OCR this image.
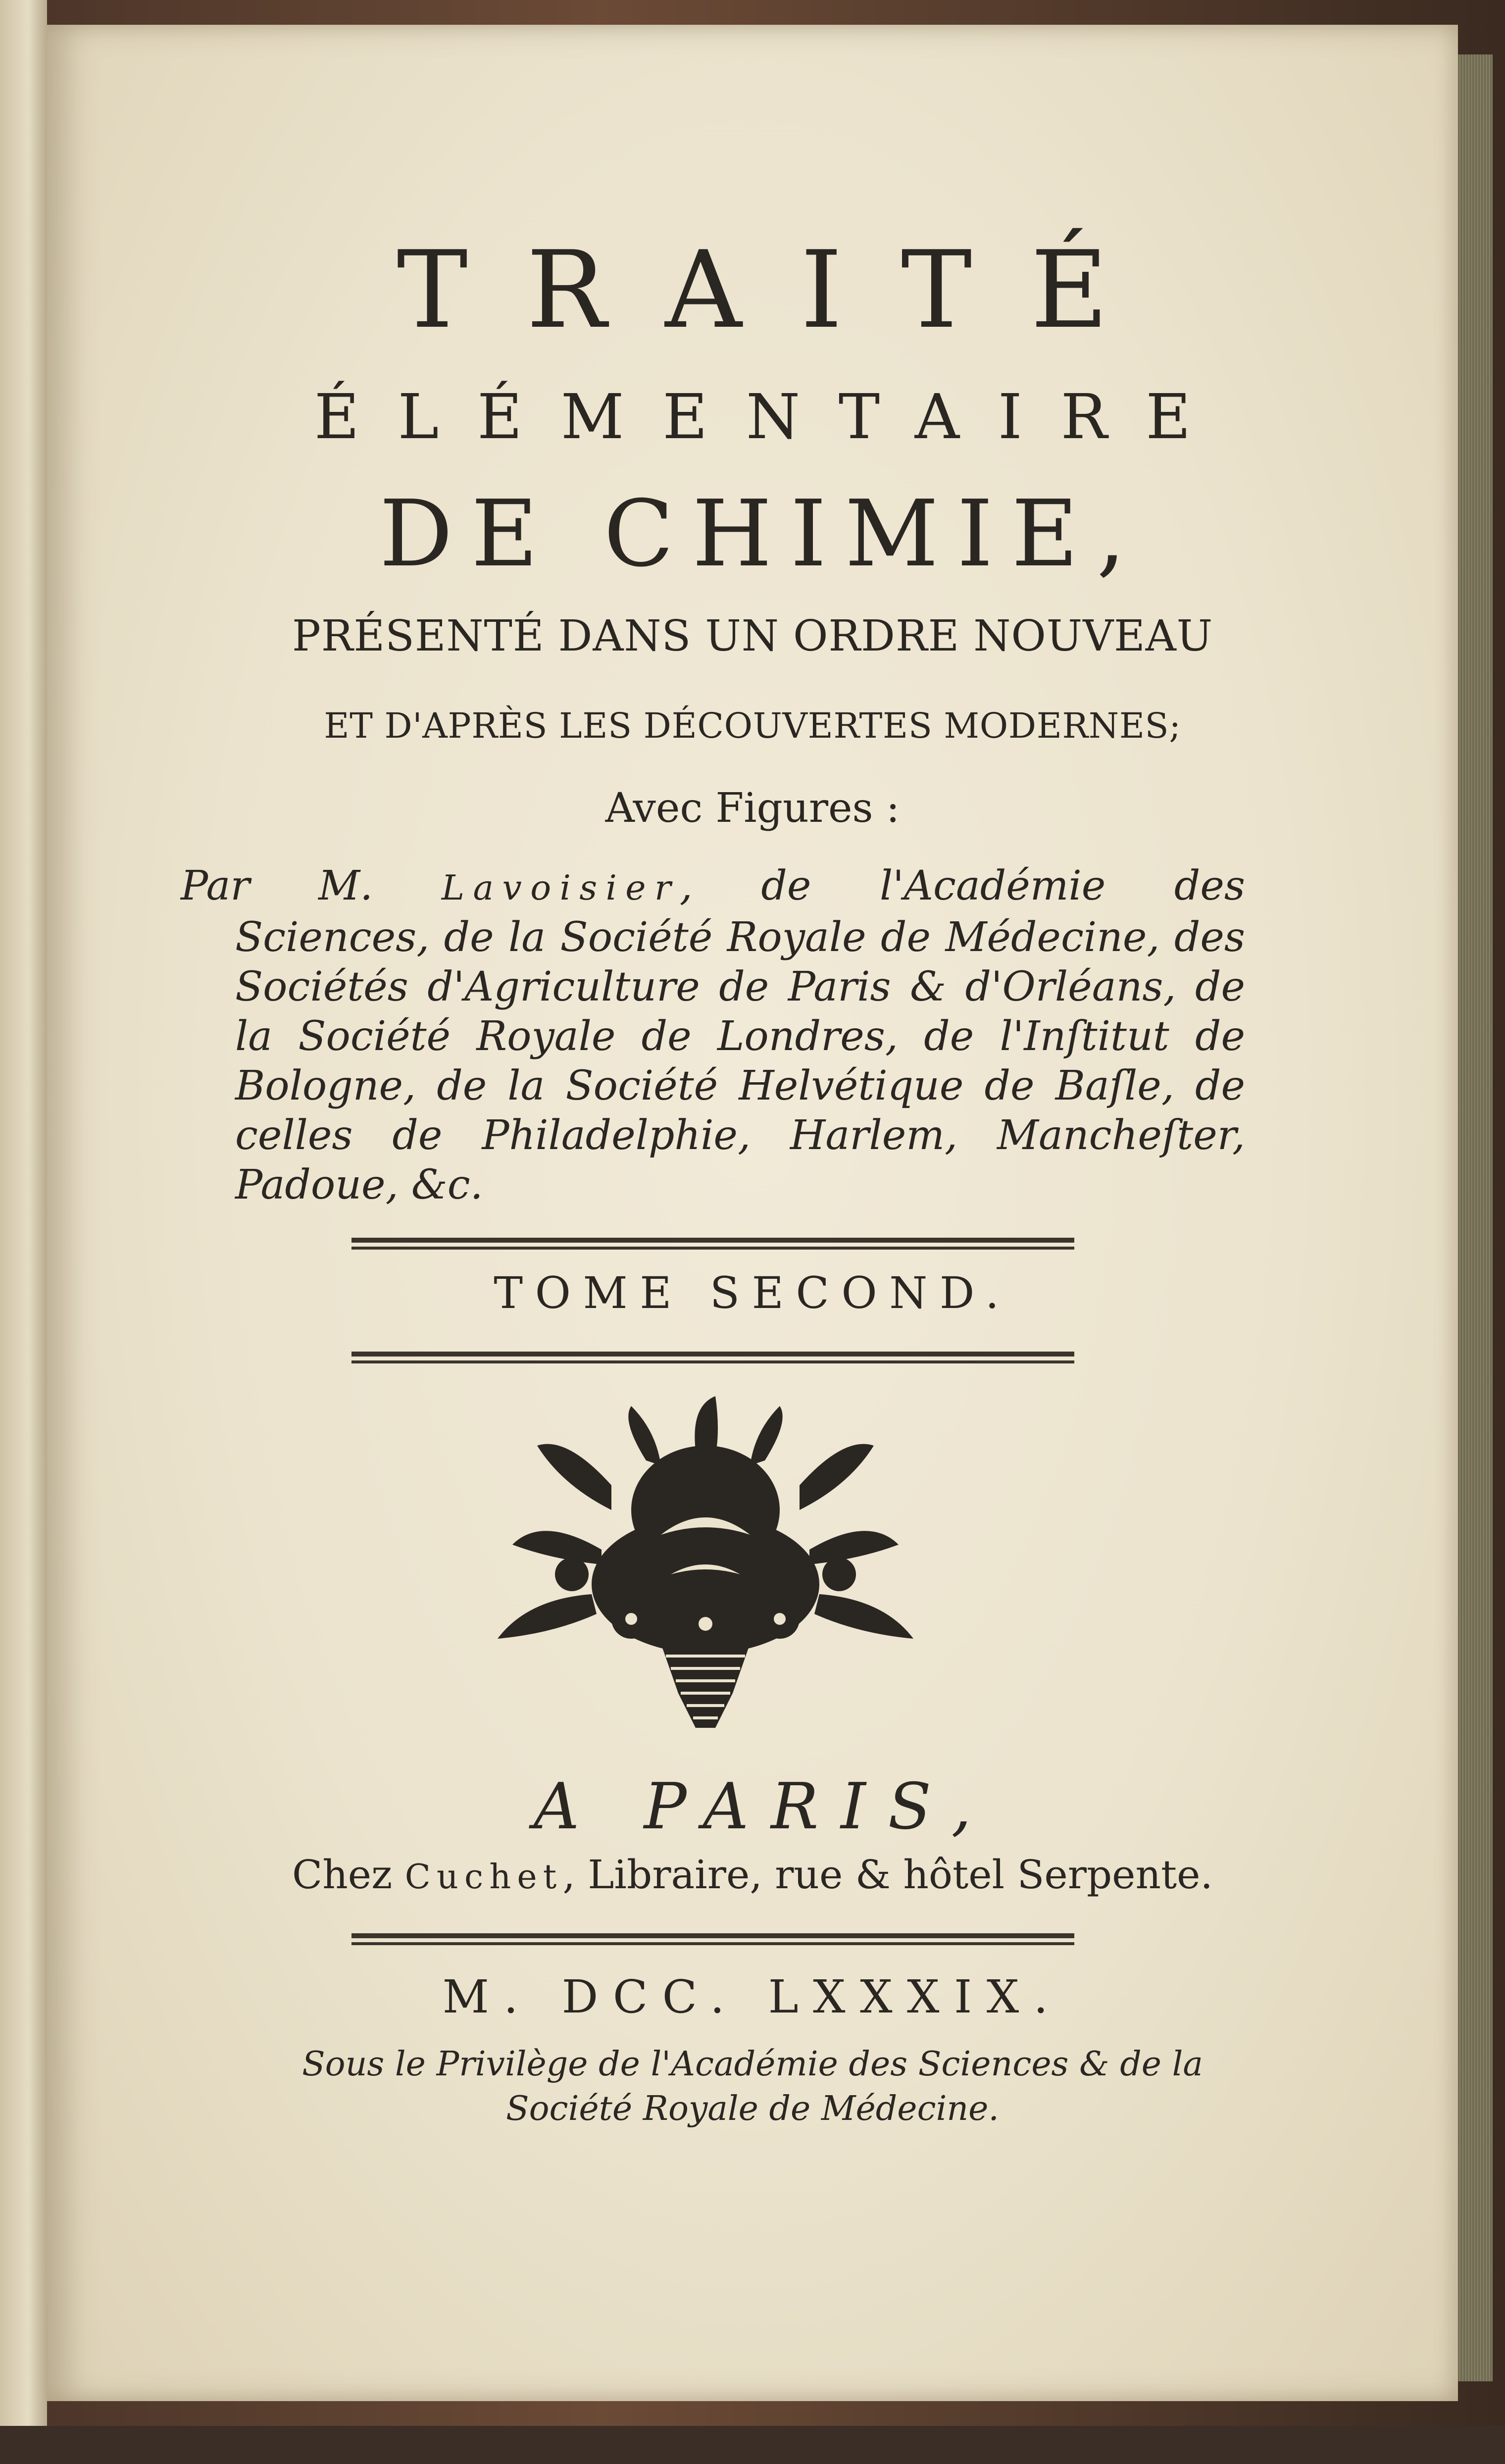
TRAITÉ

ÉLÉMENTAIRE

DE CHIMIE,

PRÉSENTÉ DANS UN ORDRE NOUVEAU

ET D'APRÈS LES DÉCOUVERTES MODERNES;

Avec Figures :

Par M. Lavoisier, de l'Académie des

Sciences, de la Société Royale de Médecine, des

Sociétés d'Agriculture de Paris & d'Orléans, de

la Société Royale de Londres, de l'Inſtitut de

Bologne, de la Société Helvétique de Baſle, de

celles de Philadelphie, Harlem, Mancheſter,

Padoue, &c.

TOME SECOND.

A PARIS,

Chez Cuchet, Libraire, rue & hôtel Serpente.

M. DCC. LXXXIX.

Sous le Privilège de l'Académie des Sciences & de la

Société Royale de Médecine.
